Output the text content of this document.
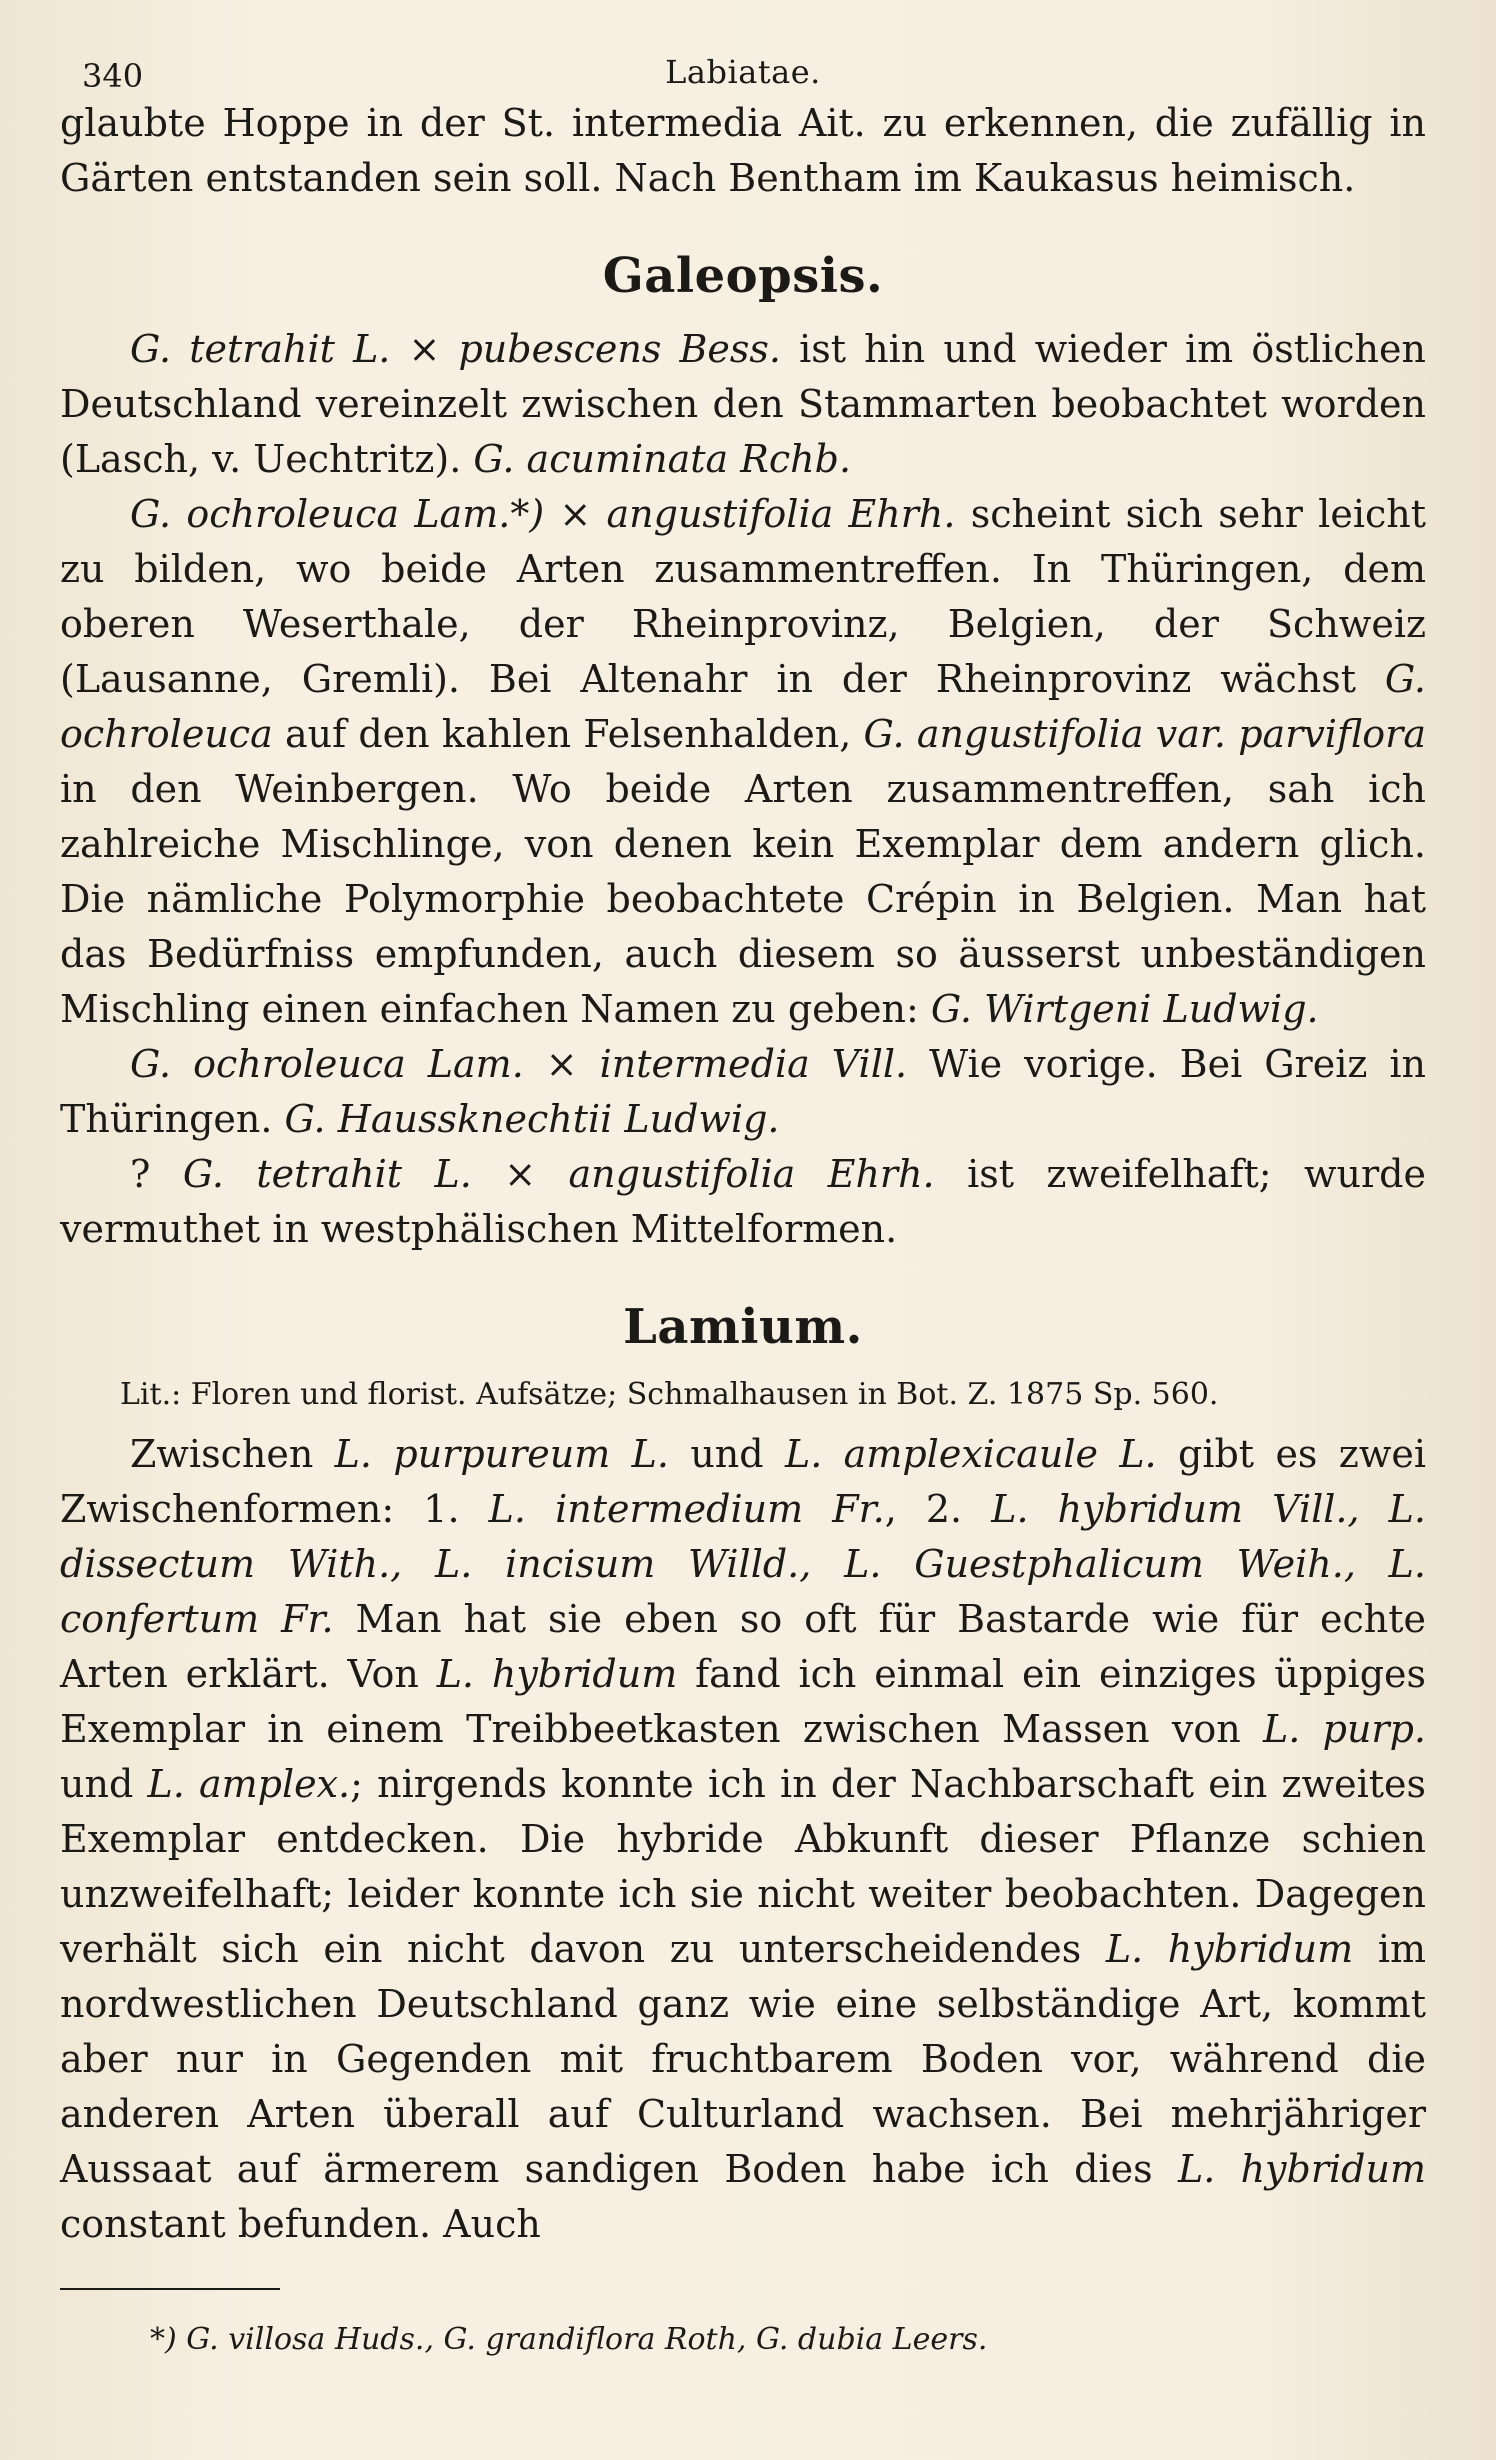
340	Labiatae.

glaubte Hoppe in der St. intermedia Ait. zu erkennen, die zufällig in Gärten entstanden sein soll. Nach Bentham im Kaukasus heimisch.

Galeopsis.

G. tetrahit L. × pubescens Bess. ist hin und wieder im östlichen Deutschland vereinzelt zwischen den Stammarten beobachtet worden (Lasch, v. Uechtritz). G. acuminata Rchb.

G. ochroleuca Lam.*) × angustifolia Ehrh. scheint sich sehr leicht zu bilden, wo beide Arten zusammentreffen. In Thüringen, dem oberen Weserthale, der Rheinprovinz, Belgien, der Schweiz (Lausanne, Gremli). Bei Altenahr in der Rheinprovinz wächst G. ochroleuca auf den kahlen Felsenhalden, G. angustifolia var. parviflora in den Weinbergen. Wo beide Arten zusammentreffen, sah ich zahlreiche Mischlinge, von denen kein Exemplar dem andern glich. Die nämliche Polymorphie beobachtete Crépin in Belgien. Man hat das Bedürfniss empfunden, auch diesem so äusserst unbeständigen Mischling einen einfachen Namen zu geben: G. Wirtgeni Ludwig.

G. ochroleuca Lam. × intermedia Vill. Wie vorige. Bei Greiz in Thüringen. G. Haussknechtii Ludwig.

? G. tetrahit L. × angustifolia Ehrh. ist zweifelhaft; wurde vermuthet in westphälischen Mittelformen.

Lamium.

Lit.: Floren und florist. Aufsätze; Schmalhausen in Bot. Z. 1875 Sp. 560.

Zwischen L. purpureum L. und L. amplexicaule L. gibt es zwei Zwischenformen: 1. L. intermedium Fr., 2. L. hybridum Vill., L. dissectum With., L. incisum Willd., L. Guestphalicum Weih., L. confertum Fr. Man hat sie eben so oft für Bastarde wie für echte Arten erklärt. Von L. hybridum fand ich einmal ein einziges üppiges Exemplar in einem Treibbeetkasten zwischen Massen von L. purp. und L. amplex.; nirgends konnte ich in der Nachbarschaft ein zweites Exemplar entdecken. Die hybride Abkunft dieser Pflanze schien unzweifelhaft; leider konnte ich sie nicht weiter beobachten. Dagegen verhält sich ein nicht davon zu unterscheidendes L. hybridum im nordwestlichen Deutschland ganz wie eine selbständige Art, kommt aber nur in Gegenden mit fruchtbarem Boden vor, während die anderen Arten überall auf Culturland wachsen. Bei mehrjähriger Aussaat auf ärmerem sandigen Boden habe ich dies L. hybridum constant befunden. Auch

*) G. villosa Huds., G. grandiflora Roth, G. dubia Leers.
